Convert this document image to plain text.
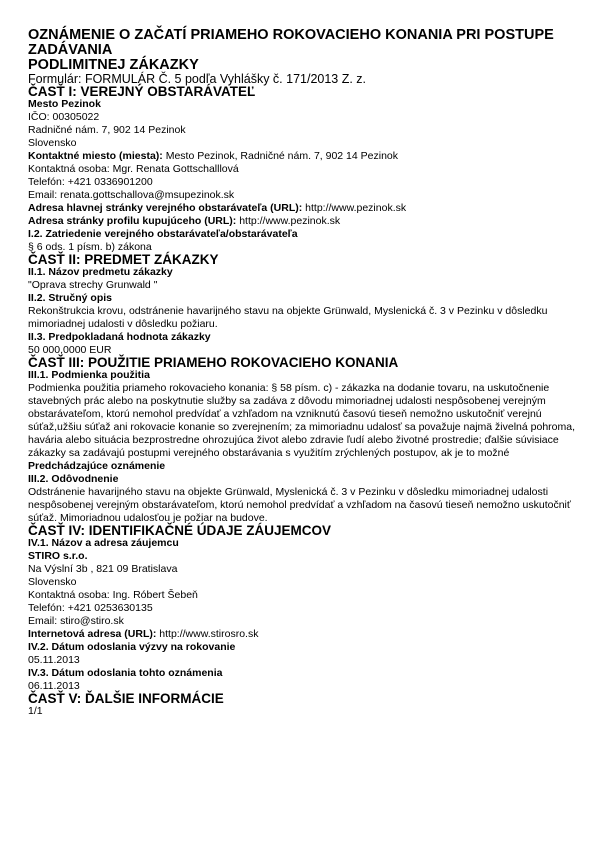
OZNÁMENIE O ZAČATÍ PRIAMEHO ROKOVACIEHO KONANIA PRI POSTUPE

ZADÁVANIA

PODLIMITNEJ ZÁKAZKY

Formulár: FORMULÁR Č. 5 podľa Vyhlášky č. 171/2013 Z. z.

ČASŤ I: VEREJNÝ OBSTARÁVATEĽ

Mesto Pezinok

IČO: 00305022

Radničné nám. 7, 902 14 Pezinok

Slovensko

Kontaktné miesto (miesta): Mesto Pezinok, Radničné nám. 7, 902 14 Pezinok

Kontaktná osoba: Mgr. Renata Gottschalllová

Telefón: +421 0336901200

Email: renata.gottschallova@msupezinok.sk

Adresa hlavnej stránky verejného obstarávateľa (URL): http://www.pezinok.sk

Adresa stránky profilu kupujúceho (URL): http://www.pezinok.sk

I.2. Zatriedenie verejného obstarávateľa/obstarávateľa

§ 6 ods. 1 písm. b) zákona

ČASŤ II: PREDMET ZÁKAZKY

II.1. Názov predmetu zákazky

"Oprava strechy Grunwald "

II.2. Stručný opis

Rekonštrukcia krovu, odstránenie havarijného stavu na objekte Grünwald, Myslenická č. 3 v Pezinku v dôsledku mimoriadnej udalosti v dôsledku požiaru.

II.3. Predpokladaná hodnota zákazky

50 000,0000 EUR

ČASŤ III: POUŽITIE PRIAMEHO ROKOVACIEHO KONANIA

III.1. Podmienka použitia

Podmienka použitia priameho rokovacieho konania: § 58 písm. c) - zákazka na dodanie tovaru, na uskutočnenie stavebných prác alebo na poskytnutie služby sa zadáva z dôvodu mimoriadnej udalosti nespôsobenej verejným obstarávateľom, ktorú nemohol predvídať a vzhľadom na vzniknutú časovú tieseň nemožno uskutočniť verejnú súťaž,užšiu súťaž ani rokovacie konanie so zverejnením; za mimoriadnu udalosť sa považuje najmä živelná pohroma, havária alebo situácia bezprostredne ohrozujúca život alebo zdravie ľudí alebo životné prostredie; ďalšie súvisiace zákazky sa zadávajú postupmi verejného obstarávania s využitím zrýchlených postupov, ak je to možné

Predchádzajúce oznámenie

III.2. Odôvodnenie

Odstránenie havarijného stavu na objekte Grünwald, Myslenická č. 3 v Pezinku v dôsledku mimoriadnej udalosti nespôsobenej verejným obstarávateľom, ktorú nemohol predvídať a vzhľadom na časovú tieseň nemožno uskutočniť súťaž. Mimoriadnou udalosťou je požiar na budove.

ČASŤ IV: IDENTIFIKAČNÉ ÚDAJE ZÁUJEMCOV

IV.1. Názov a adresa záujemcu

STIRO s.r.o.

Na Výslní 3b , 821 09 Bratislava

Slovensko

Kontaktná osoba: Ing. Róbert Šebeň

Telefón: +421 0253630135

Email: stiro@stiro.sk

Internetová adresa (URL): http://www.stirosro.sk

IV.2. Dátum odoslania výzvy na rokovanie

05.11.2013

IV.3. Dátum odoslania tohto oznámenia

06.11.2013

ČASŤ V: ĎALŠIE INFORMÁCIE

1/1
